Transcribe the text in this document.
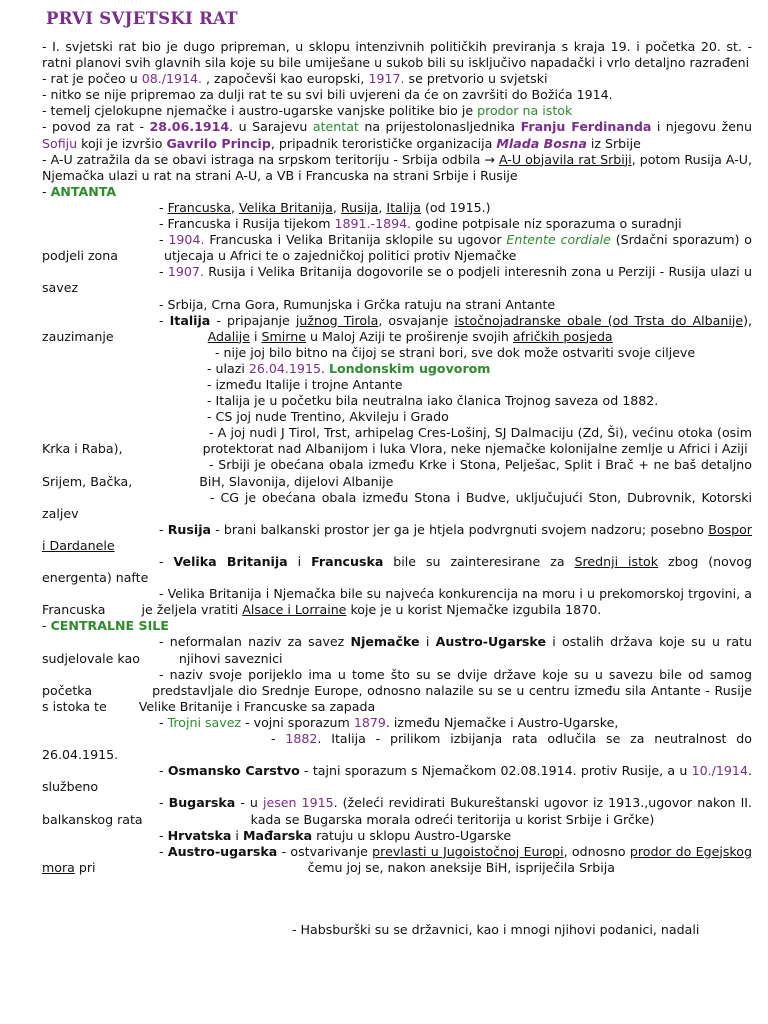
PRVI SVJETSKI RAT

- I. svjetski rat bio je dugo pripreman, u sklopu intenzivnih političkih previranja s kraja 19. i početka 20. st. - ratni planovi svih glavnih sila koje su bile umiješane u sukob bili su isključivo napadački i vrlo detaljno razrađeni

- rat je počeo u 08./1914. , započevši kao europski, 1917. se pretvorio u svjetski

- nitko se nije pripremao za dulji rat te su svi bili uvjereni da će on završiti do Božića 1914.

- temelj cjelokupne njemačke i austro-ugarske vanjske politike bio je prodor na istok

- povod za rat - 28.06.1914. u Sarajevu atentat na prijestolonasljednika Franju Ferdinanda i njegovu ženu Sofiju koji je izvršio Gavrilo Princip, pripadnik terorističke organizacija Mlada Bosna iz Srbije

- A-U zatražila da se obavi istraga na srpskom teritoriju - Srbija odbila → A-U objavila rat Srbiji, potom Rusija A-U, Njemačka ulazi u rat na strani A-U, a VB i Francuska na strani Srbije i Rusije

- ANTANTA

- Francuska, Velika Britanija, Rusija, Italija (od 1915.)

- Francuska i Rusija tijekom 1891.-1894. godine potpisale niz sporazuma o suradnji

- 1904. Francuska i Velika Britanija sklopile su ugovor Entente cordiale (Srdačni sporazum) o podjeli zona	utjecaja u Africi te o zajedničkoj politici protiv Njemačke

- 1907. Rusija i Velika Britanija dogovorile se o podjeli interesnih zona u Perziji - Rusija ulazi u savez

- Srbija, Crna Gora, Rumunjska i Grčka ratuju na strani Antante

- Italija - pripajanje južnog Tirola, osvajanje istočnojadranske obale (od Trsta do Albanije), zauzimanje	Adalije i Smirne u Maloj Aziji te proširenje svojih afričkih posjeda

- nije joj bilo bitno na čijoj se strani bori, sve dok može ostvariti svoje ciljeve

- ulazi 26.04.1915. Londonskim ugovorom

- između Italije i trojne Antante

- Italija je u početku bila neutralna iako članica Trojnog saveza od 1882.

- CS joj nude Trentino, Akvileju i Grado

- A joj nudi J Tirol, Trst, arhipelag Cres-Lošinj, SJ Dalmaciju (Zd, Ši), većinu otoka (osim Krka i Raba),	protektorat nad Albanijom i luka Vlora, neke njemačke kolonijalne zemlje u Africi i Aziji

- Srbiji je obećana obala između Krke i Stona, Pelješac, Split i Brač + ne baš detaljno Srijem, Bačka,	BiH, Slavonija, dijelovi Albanije

- CG je obećana obala između Stona i Budve, uključujući Ston, Dubrovnik, Kotorski zaljev

- Rusija - brani balkanski prostor jer ga je htjela podvrgnuti svojem nadzoru; posebno Bospor i Dardanele

- Velika Britanija i Francuska bile su zainteresirane za Srednji istok zbog (novog energenta) nafte

- Velika Britanija i Njemačka bile su najveća konkurencija na moru i u prekomorskoj trgovini, a Francuska	je željela vratiti Alsace i Lorraine koje je u korist Njemačke izgubila 1870.

- CENTRALNE SILE

- neformalan naziv za savez Njemačke i Austro-Ugarske i ostalih država koje su u ratu sudjelovale kao	njihovi saveznici

- naziv svoje porijeklo ima u tome što su se dvije države koje su u savezu bile od samog početka	predstavljale dio Srednje Europe, odnosno nalazile su se u centru između sila Antante - Rusije s istoka te	Velike Britanije i Francuske sa zapada

- Trojni savez - vojni sporazum 1879. između Njemačke i Austro-Ugarske,

- 1882. Italija - prilikom izbijanja rata odlučila se za neutralnost do 26.04.1915.

- Osmansko Carstvo - tajni sporazum s Njemačkom 02.08.1914. protiv Rusije, a u 10./1914. službeno

- Bugarska - u jesen 1915. (želeći revidirati Bukureštanski ugovor iz 1913.,ugovor nakon II. balkanskog rata	kada se Bugarska morala odreći teritorija u korist Srbije i Grčke)

- Hrvatska i Mađarska ratuju u sklopu Austro-Ugarske

- Austro-ugarska - ostvarivanje prevlasti u Jugoistočnoj Europi, odnosno prodor do Egejskog mora pri	čemu joj se, nakon aneksije BiH, ispriječila Srbija

- Habsburški su se državnici, kao i mnogi njihovi podanici, nadali
